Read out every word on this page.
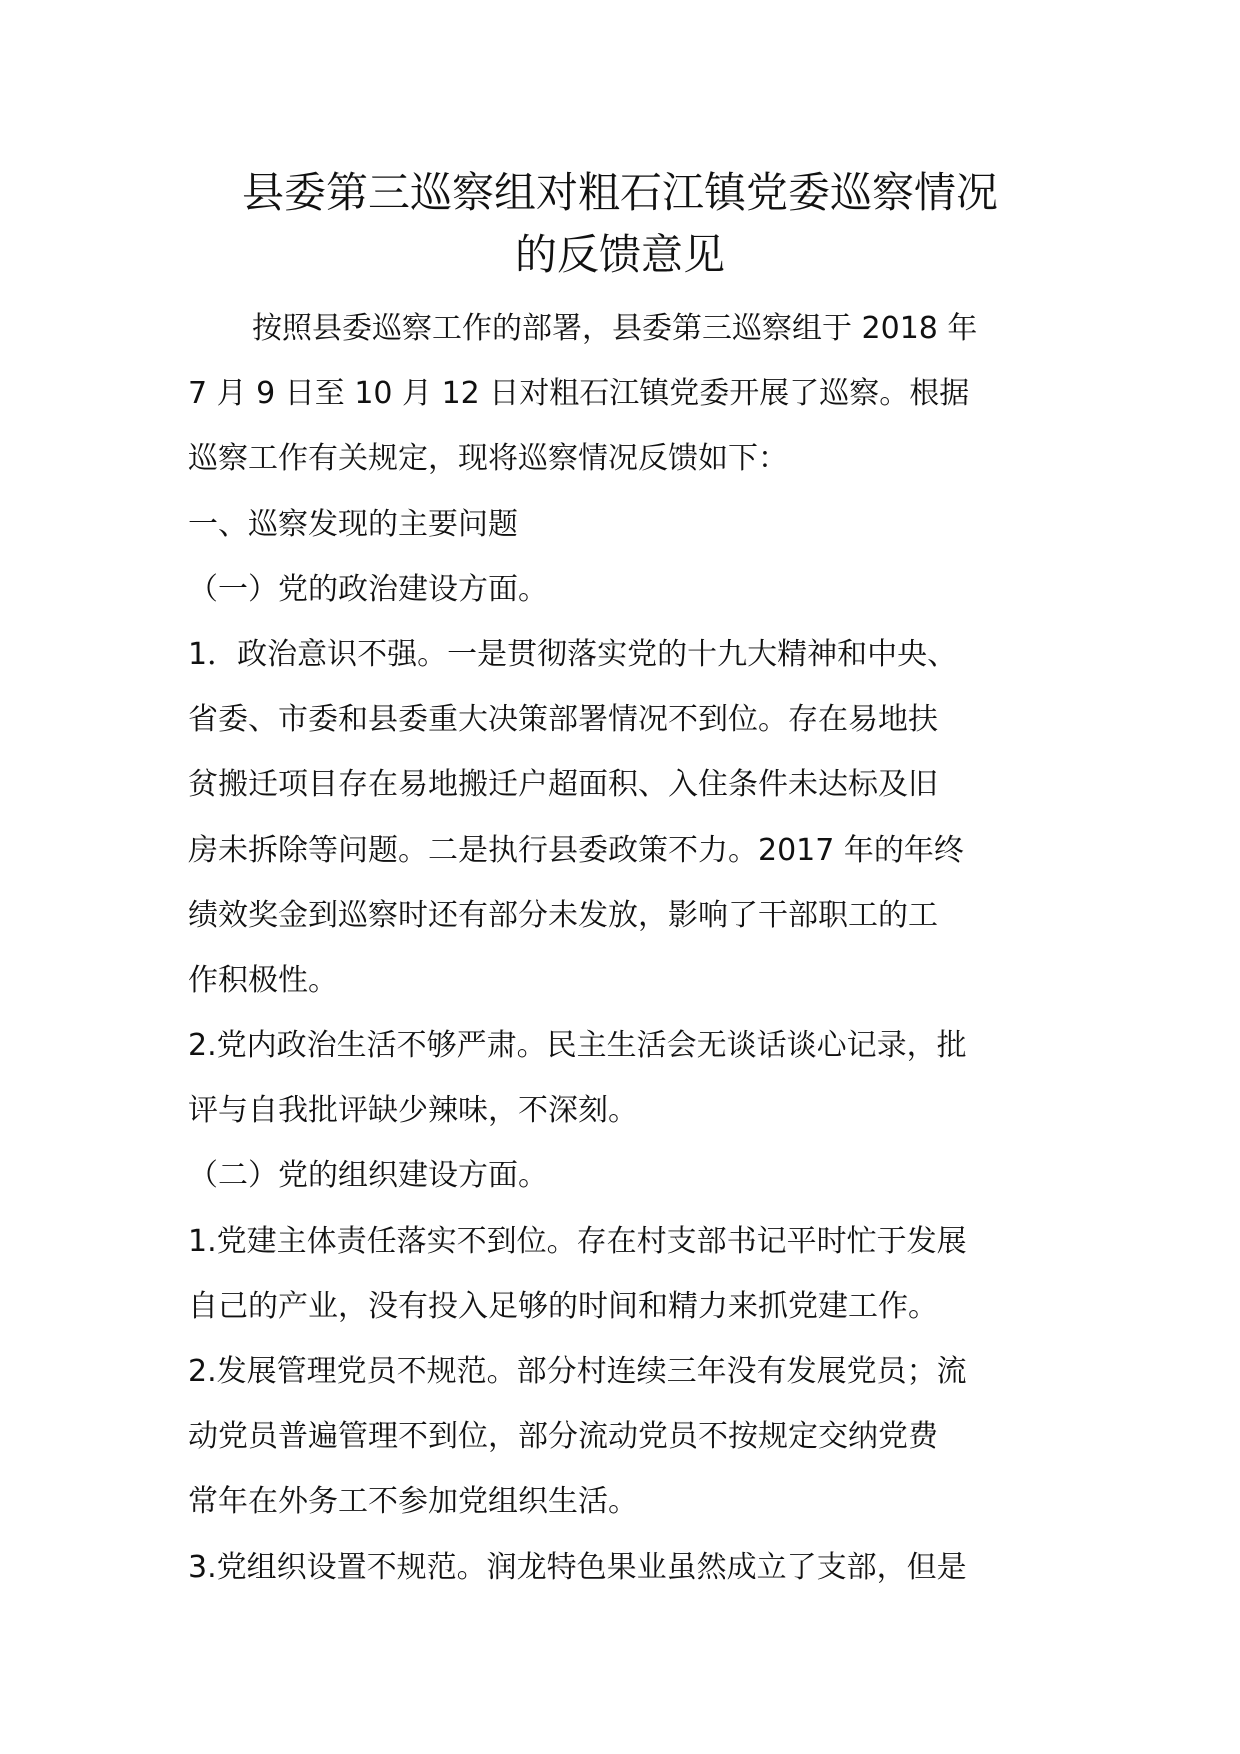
县委第三巡察组对粗石江镇党委巡察情况
的反馈意见
按照县委巡察工作的部署，县委第三巡察组于 2018 年
7 月 9 日至 10 月 12 日对粗石江镇党委开展了巡察。根据
巡察工作有关规定，现将巡察情况反馈如下：
一、巡察发现的主要问题
（一）党的政治建设方面。
1．政治意识不强。一是贯彻落实党的十九大精神和中央、
省委、市委和县委重大决策部署情况不到位。存在易地扶
贫搬迁项目存在易地搬迁户超面积、入住条件未达标及旧
房未拆除等问题。二是执行县委政策不力。2017 年的年终
绩效奖金到巡察时还有部分未发放，影响了干部职工的工
作积极性。
2.党内政治生活不够严肃。民主生活会无谈话谈心记录，批
评与自我批评缺少辣味，不深刻。
（二）党的组织建设方面。
1.党建主体责任落实不到位。存在村支部书记平时忙于发展
自己的产业，没有投入足够的时间和精力来抓党建工作。
2.发展管理党员不规范。部分村连续三年没有发展党员；流
动党员普遍管理不到位，部分流动党员不按规定交纳党费
常年在外务工不参加党组织生活。
3.党组织设置不规范。润龙特色果业虽然成立了支部，但是
